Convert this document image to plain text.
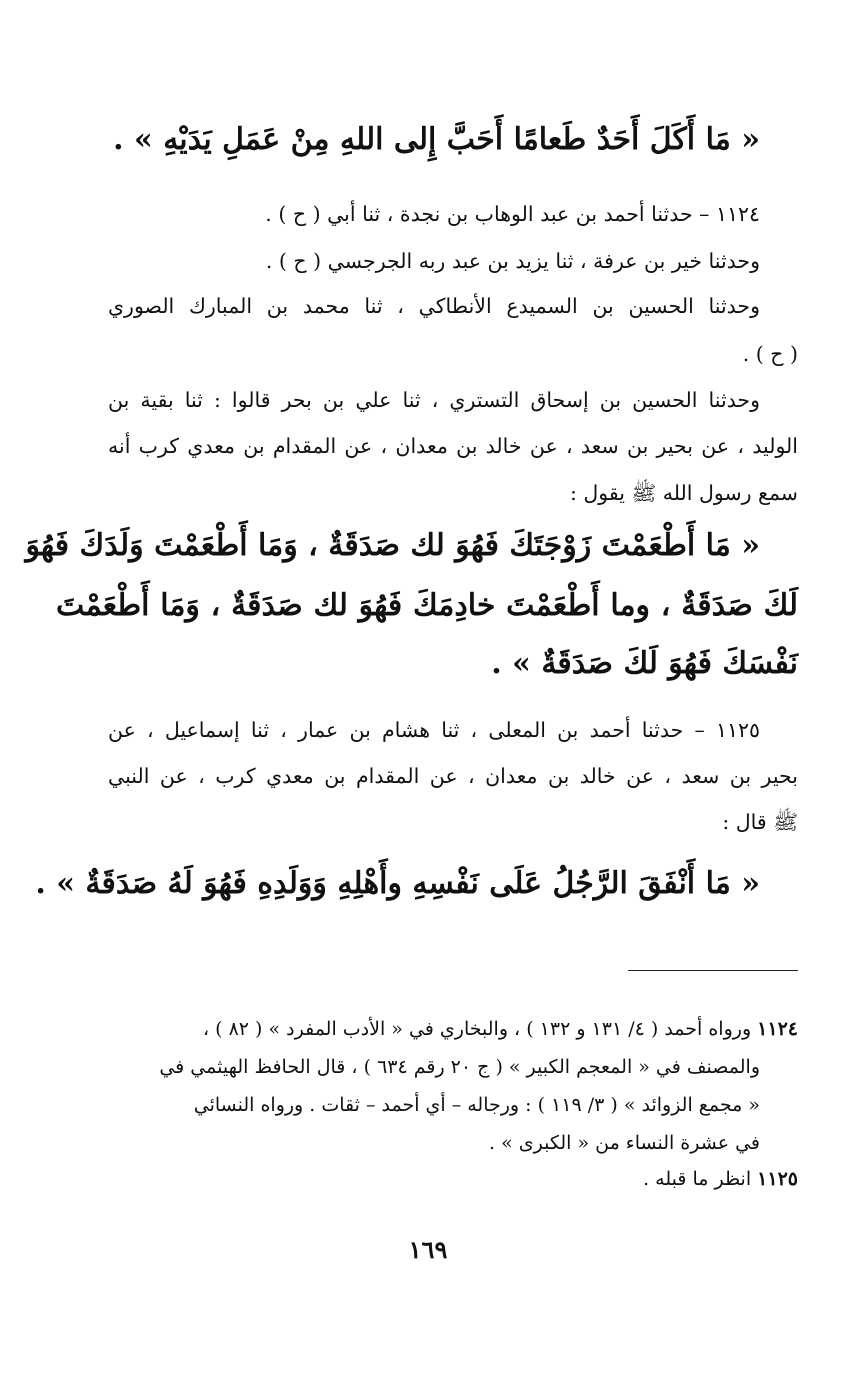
« مَا أَكَلَ أَحَدٌ طَعامًا أَحَبَّ إِلى اللهِ مِنْ عَمَلِ يَدَيْهِ » .
١١٢٤ – حدثنا أحمد بن عبد الوهاب بن نجدة ، ثنا أبي ( ح ) .
وحدثنا خير بن عرفة ، ثنا يزيد بن عبد ربه الجرجسي ( ح ) .
وحدثنا الحسين بن السميدع الأنطاكي ، ثنا محمد بن المبارك الصوري
( ح ) .
وحدثنا الحسين بن إسحاق التستري ، ثنا علي بن بحر قالوا : ثنا بقية بن
الوليد ، عن بحير بن سعد ، عن خالد بن معدان ، عن المقدام بن معدي كرب أنه
سمع رسول الله ﷺ يقول :
« مَا أَطْعَمْتَ زَوْجَتَكَ فَهُوَ لك صَدَقَةٌ ، وَمَا أَطْعَمْتَ وَلَدَكَ فَهُوَ
لَكَ صَدَقَةٌ ، وما أَطْعَمْتَ خادِمَكَ فَهُوَ لك صَدَقَةٌ ، وَمَا أَطْعَمْتَ
نَفْسَكَ فَهُوَ لَكَ صَدَقَةٌ » .
١١٢٥ – حدثنا أحمد بن المعلى ، ثنا هشام بن عمار ، ثنا إسماعيل ، عن
بحير بن سعد ، عن خالد بن معدان ، عن المقدام بن معدي كرب ، عن النبي
ﷺ قال :
« مَا أَنْفَقَ الرَّجُلُ عَلَى نَفْسِهِ وأَهْلِهِ وَوَلَدِهِ فَهُوَ لَهُ صَدَقَةٌ » .
١١٢٤ ورواه أحمد ( ٤/ ١٣١ و ١٣٢ ) ، والبخاري في « الأدب المفرد » ( ٨٢ ) ،
والمصنف في « المعجم الكبير » ( ج ٢٠ رقم ٦٣٤ ) ، قال الحافظ الهيثمي في
« مجمع الزوائد » ( ٣/ ١١٩ ) : ورجاله – أي أحمد – ثقات . ورواه النسائي
في عشرة النساء من « الكبرى » .
١١٢٥ انظر ما قبله .
١٦٩
